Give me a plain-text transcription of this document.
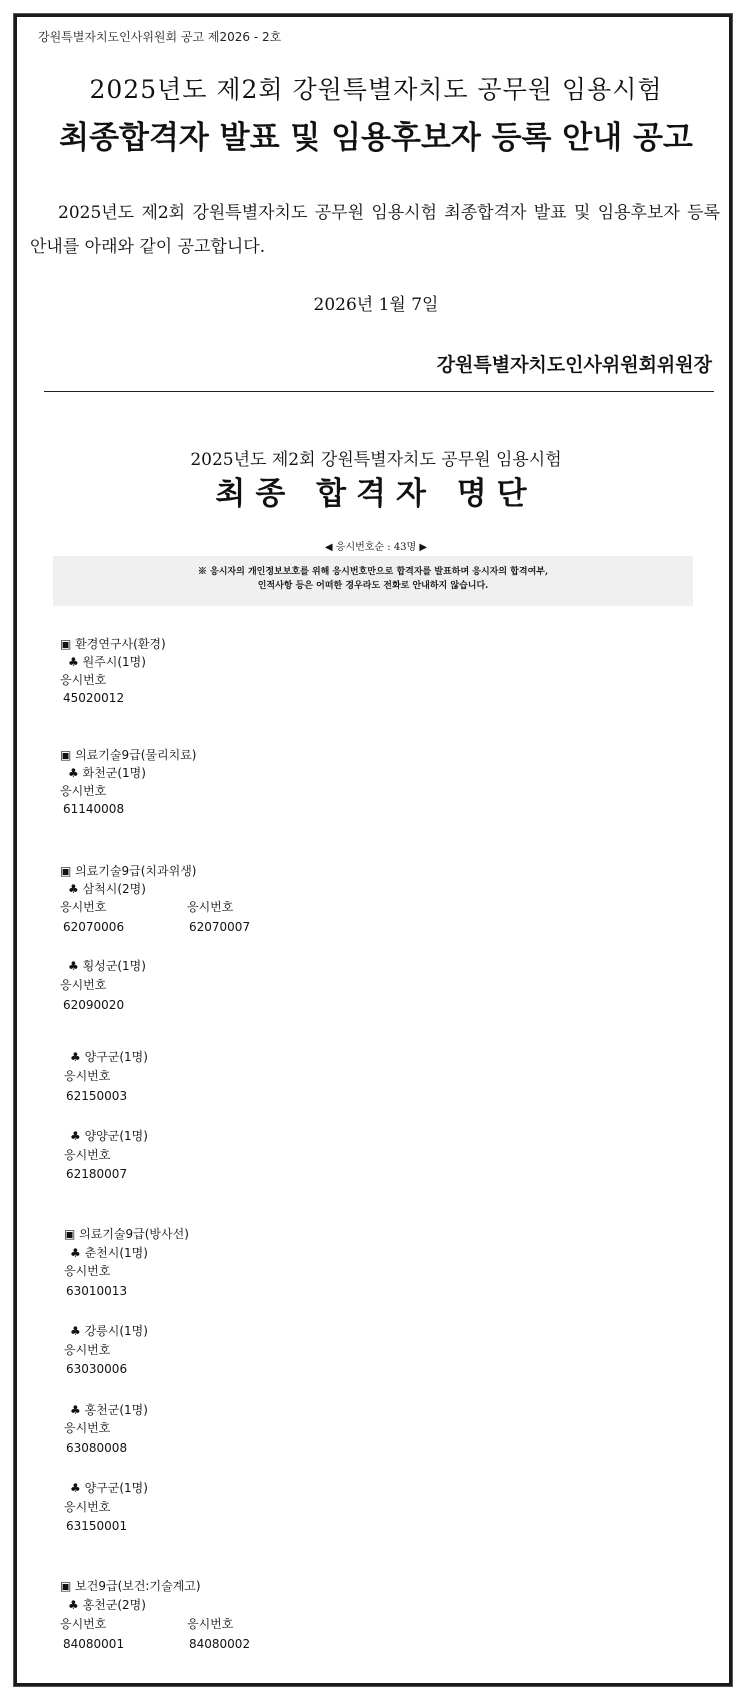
강원특별자치도인사위원회 공고 제2026 - 2호
2025년도 제2회 강원특별자치도 공무원 임용시험
최종합격자 발표 및 임용후보자 등록 안내 공고
2025년도 제2회 강원특별자치도 공무원 임용시험 최종합격자 발표 및 임용후보자 등록 안내를 아래와 같이 공고합니다.
2026년 1월 7일
강원특별자치도인사위원회위원장
2025년도 제2회 강원특별자치도 공무원 임용시험
최종 합격자 명단
◀ 응시번호순 : 43명 ▶
※ 응시자의 개인정보보호를 위해 응시번호만으로 합격자를 발표하며 응시자의 합격여부,
인적사항 등은 어떠한 경우라도 전화로 안내하지 않습니다.
▣ 환경연구사(환경)
♣ 원주시(1명)
응시번호
45020012
▣ 의료기술9급(물리치료)
♣ 화천군(1명)
응시번호
61140008
▣ 의료기술9급(치과위생)
♣ 삼척시(2명)
응시번호	응시번호
62070006	62070007
♣ 횡성군(1명)
응시번호
62090020
♣ 양구군(1명)
응시번호
62150003
♣ 양양군(1명)
응시번호
62180007
▣ 의료기술9급(방사선)
♣ 춘천시(1명)
응시번호
63010013
♣ 강릉시(1명)
응시번호
63030006
♣ 홍천군(1명)
응시번호
63080008
♣ 양구군(1명)
응시번호
63150001
▣ 보건9급(보건:기술계고)
♣ 홍천군(2명)
응시번호	응시번호
84080001	84080002
